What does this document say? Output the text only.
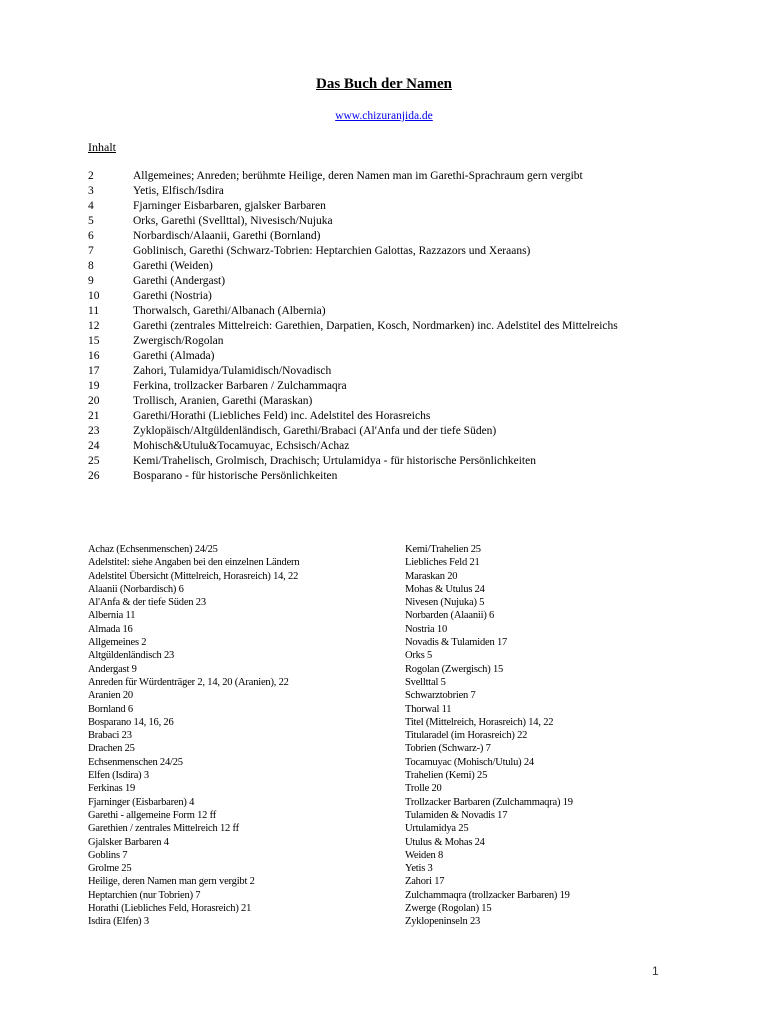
Das Buch der Namen
www.chizuranjida.de
Inhalt
2	Allgemeines; Anreden; berühmte Heilige, deren Namen man im Garethi-Sprachraum gern vergibt
3	Yetis, Elfisch/Isdira
4	Fjarninger Eisbarbaren, gjalsker Barbaren
5	Orks, Garethi (Svellttal), Nivesisch/Nujuka
6	Norbardisch/Alaanii, Garethi (Bornland)
7	Goblinisch, Garethi (Schwarz-Tobrien: Heptarchien Galottas, Razzazors und Xeraans)
8	Garethi (Weiden)
9	Garethi (Andergast)
10	Garethi (Nostria)
11	Thorwalsch, Garethi/Albanach (Albernia)
12	Garethi (zentrales Mittelreich: Garethien, Darpatien, Kosch, Nordmarken) inc. Adelstitel des Mittelreichs
15	Zwergisch/Rogolan
16	Garethi (Almada)
17	Zahori, Tulamidya/Tulamidisch/Novadisch
19	Ferkina, trollzacker Barbaren / Zulchammaqra
20	Trollisch, Aranien, Garethi (Maraskan)
21	Garethi/Horathi (Liebliches Feld) inc. Adelstitel des Horasreichs
23	Zyklopäisch/Altgüldenländisch, Garethi/Brabaci (Al'Anfa und der tiefe Süden)
24	Mohisch&Utulu&Tocamuyac, Echsisch/Achaz
25	Kemi/Trahelisch, Grolmisch, Drachisch; Urtulamidya - für historische Persönlichkeiten
26	Bosparano - für historische Persönlichkeiten
Achaz (Echsenmenschen) 24/25
Adelstitel: siehe Angaben bei den einzelnen Ländern
Adelstitel Übersicht (Mittelreich, Horasreich) 14, 22
Alaanii (Norbardisch) 6
Al'Anfa & der tiefe Süden 23
Albernia 11
Almada 16
Allgemeines 2
Altgüldenländisch 23
Andergast 9
Anreden für Würdenträger 2, 14, 20 (Aranien), 22
Aranien 20
Bornland 6
Bosparano 14, 16, 26
Brabaci 23
Drachen 25
Echsenmenschen 24/25
Elfen (Isdira) 3
Ferkinas 19
Fjarninger (Eisbarbaren) 4
Garethi - allgemeine Form 12 ff
Garethien / zentrales Mittelreich 12 ff
Gjalsker Barbaren 4
Goblins 7
Grolme 25
Heilige, deren Namen man gern vergibt 2
Heptarchien (nur Tobrien) 7
Horathi (Liebliches Feld, Horasreich) 21
Isdira (Elfen) 3
Kemi/Trahelien 25
Liebliches Feld 21
Maraskan 20
Mohas & Utulus 24
Nivesen (Nujuka) 5
Norbarden (Alaanii) 6
Nostria 10
Novadis & Tulamiden 17
Orks 5
Rogolan (Zwergisch) 15
Svellttal 5
Schwarztobrien 7
Thorwal 11
Titel (Mittelreich, Horasreich) 14, 22
Titularadel (im Horasreich) 22
Tobrien (Schwarz-) 7
Tocamuyac (Mohisch/Utulu) 24
Trahelien (Kemi) 25
Trolle 20
Trollzacker Barbaren (Zulchammaqra) 19
Tulamiden & Novadis 17
Urtulamidya 25
Utulus & Mohas 24
Weiden 8
Yetis 3
Zahori 17
Zulchammaqra (trollzacker Barbaren) 19
Zwerge (Rogolan) 15
Zyklopeninseln 23
1
